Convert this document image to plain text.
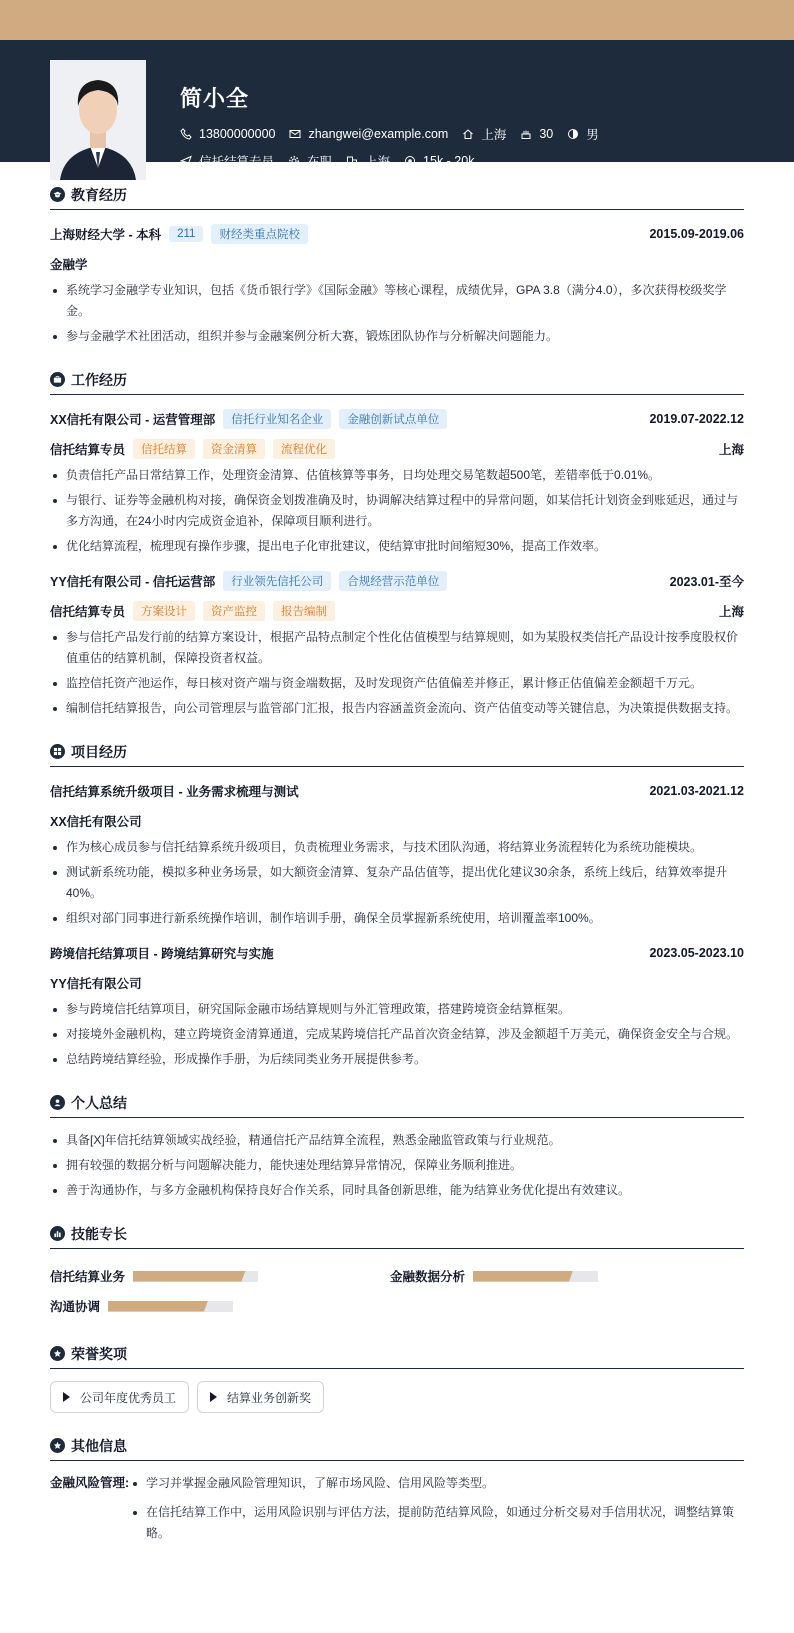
简小全
13800000000	zhangwei@example.com	上海	30	男
信托结算专员	在职	上海	15k - 20k
教育经历
上海财经大学 - 本科	211	财经类重点院校	2015.09-2019.06
金融学
系统学习金融学专业知识，包括《货币银行学》《国际金融》等核心课程，成绩优异，GPA 3.8（满分4.0），多次获得校级奖学金。
参与金融学术社团活动，组织并参与金融案例分析大赛，锻炼团队协作与分析解决问题能力。
工作经历
XX信托有限公司 - 运营管理部	信托行业知名企业	金融创新试点单位	2019.07-2022.12
信托结算专员	信托结算	资金清算	流程优化	上海
负责信托产品日常结算工作，处理资金清算、估值核算等事务，日均处理交易笔数超500笔，差错率低于0.01%。
与银行、证券等金融机构对接，确保资金划拨准确及时，协调解决结算过程中的异常问题，如某信托计划资金到账延迟，通过与多方沟通，在24小时内完成资金追补，保障项目顺利进行。
优化结算流程，梳理现有操作步骤，提出电子化审批建议，使结算审批时间缩短30%，提高工作效率。
YY信托有限公司 - 信托运营部	行业领先信托公司	合规经营示范单位	2023.01-至今
信托结算专员	方案设计	资产监控	报告编制	上海
参与信托产品发行前的结算方案设计，根据产品特点制定个性化估值模型与结算规则，如为某股权类信托产品设计按季度股权价值重估的结算机制，保障投资者权益。
监控信托资产池运作，每日核对资产端与资金端数据，及时发现资产估值偏差并修正，累计修正估值偏差金额超千万元。
编制信托结算报告，向公司管理层与监管部门汇报，报告内容涵盖资金流向、资产估值变动等关键信息，为决策提供数据支持。
项目经历
信托结算系统升级项目 - 业务需求梳理与测试	2021.03-2021.12
XX信托有限公司
作为核心成员参与信托结算系统升级项目，负责梳理业务需求，与技术团队沟通，将结算业务流程转化为系统功能模块。
测试新系统功能，模拟多种业务场景，如大额资金清算、复杂产品估值等，提出优化建议30余条，系统上线后，结算效率提升40%。
组织对部门同事进行新系统操作培训，制作培训手册，确保全员掌握新系统使用，培训覆盖率100%。
跨境信托结算项目 - 跨境结算研究与实施	2023.05-2023.10
YY信托有限公司
参与跨境信托结算项目，研究国际金融市场结算规则与外汇管理政策，搭建跨境资金结算框架。
对接境外金融机构，建立跨境资金清算通道，完成某跨境信托产品首次资金结算，涉及金额超千万美元，确保资金安全与合规。
总结跨境结算经验，形成操作手册，为后续同类业务开展提供参考。
个人总结
具备[X]年信托结算领域实战经验，精通信托产品结算全流程，熟悉金融监管政策与行业规范。
拥有较强的数据分析与问题解决能力，能快速处理结算异常情况，保障业务顺利推进。
善于沟通协作，与多方金融机构保持良好合作关系，同时具备创新思维，能为结算业务优化提出有效建议。
技能专长
信托结算业务	金融数据分析
沟通协调
荣誉奖项
公司年度优秀员工	结算业务创新奖
其他信息
金融风险管理:	学习并掌握金融风险管理知识，了解市场风险、信用风险等类型。
在信托结算工作中，运用风险识别与评估方法，提前防范结算风险，如通过分析交易对手信用状况，调整结算策略。
